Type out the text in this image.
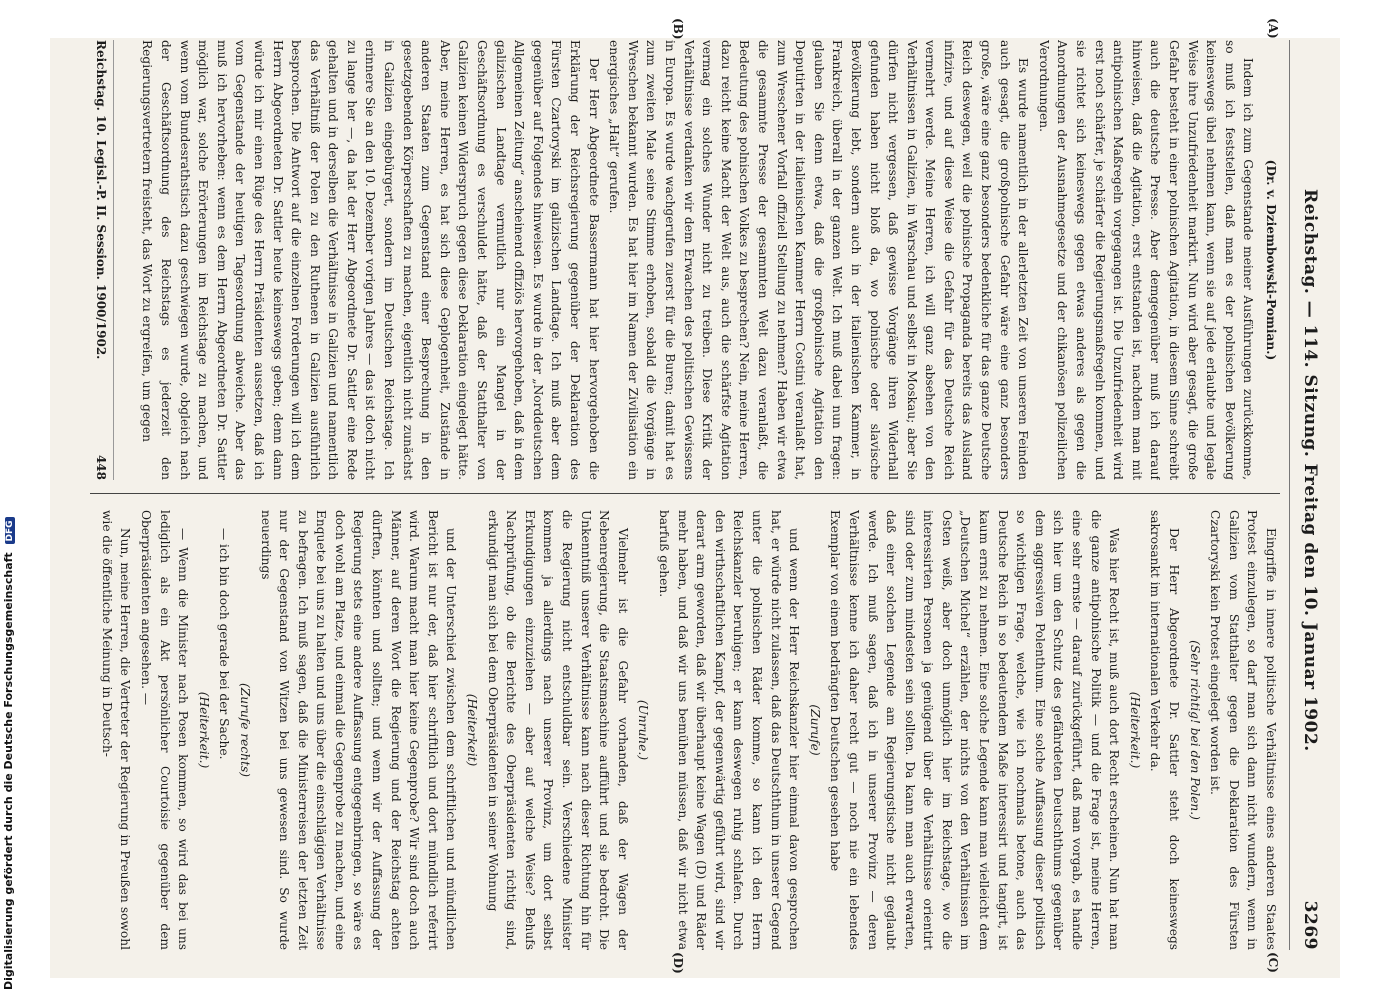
Digitalisierung gefördert durch die Deutsche Forschungsgemeinschaft DFG	Reichstag. — 114. Sitzung. Freitag den 10. Januar 1902.
3269
(Dr. v. Dziembowski-Pomian.)

Indem ich zum Gegenstande meiner Ausführungen zurückkomme, so muß ich feststellen, daß man es der polnischen Bevölkerung keineswegs übel nehmen kann, wenn sie auf jede erlaubte und legale Weise ihre Unzufriedenheit markirt. Nun wird aber gesagt, die große Gefahr besteht in einer polnischen Agitation, in diesem Sinne schreibt auch die deutsche Presse. Aber demgegenüber muß ich darauf hinweisen, daß die Agitation, erst entstanden ist, nachdem man mit antipolnischen Maßregeln vorgegangen ist. Die Unzufriedenheit wird erst noch schärfer, je schärfer die Regierungsmaßregeln kommen, und sie richtet sich keineswegs gegen etwas anderes als gegen die Anordnungen der Ausnahmegesetze und der chikanösen polizeilichen Verordnungen.

Es wurde namentlich in der allerletzten Zeit von unseren Feinden auch gesagt, die großpolnische Gefahr wäre eine ganz besonders große, wäre eine ganz besonders bedenkliche für das ganze Deutsche Reich deswegen, weil die polnische Propaganda bereits das Ausland infizire, und auf diese Weise die Gefahr für das Deutsche Reich vermehrt werde. Meine Herren, ich will ganz absehen von den Verhältnissen in Galizien, in Warschau und selbst in Moskau; aber Sie dürfen nicht vergessen, daß gewisse Vorgänge ihren Widerhall gefunden haben nicht bloß da, wo polnische oder slavische Bevölkerung lebt, sondern auch in der italienischen Kammer, in Frankreich, überall in der ganzen Welt. Ich muß dabei nun fragen: glauben Sie denn etwa, daß die großpolnische Agitation den Deputirten in der italienischen Kammer Herrn Costini veranlaßt hat, zum Wreschener Vorfall offiziell Stellung zu nehmen? Haben wir etwa die gesammte Presse der gesammten Welt dazu veranlaßt, die Bedeutung des polnischen Volkes zu besprechen? Nein, meine Herren, dazu reicht keine Macht der Welt aus, auch die schärfste Agitation vermag ein solches Wunder nicht zu treiben. Diese Kritik der Verhältnisse verdanken wir dem Erwachen des politischen Gewissens in Europa. Es wurde wachgerufen zuerst für die Buren; damit hat es zum zweiten Male seine Stimme erhoben, sobald die Vorgänge in Wreschen bekannt wurden. Es hat hier im Namen der Zivilisation ein energisches „Halt“ gerufen.

Der Herr Abgeordnete Bassermann hat hier hervorgehoben die Erklärung der Reichsregierung gegenüber der Deklaration des Fürsten Czartoryski im galizischen Landtage. Ich muß aber dem gegenüber auf Folgendes hinweisen. Es wurde in der „Norddeutschen Allgemeinen Zeitung“ anscheinend offiziös hervorgehoben, daß in dem galizischen Landtage vermutlich nur ein Mangel in der Geschäftsordnung es verschuldet hätte, daß der Statthalter von Galizien keinen Widerspruch gegen diese Deklaration eingelegt hätte. Aber, meine Herren, es hat sich diese Geplogenheit, Zustände in anderen Staaten zum Gegenstand einer Besprechung in den gesetzgebenden Körperschaften zu machen, eigentlich nicht zunächst in Galizien eingebürgert, sondern im Deutschen Reichstage. Ich erinnere Sie an den 10. Dezember vorigen Jahres — das ist doch nicht zu lange her —, da hat der Herr Abgeordnete Dr. Sattler eine Rede gehalten und in derselben die Verhältnisse in Galizien und namentlich das Verhältniß der Polen zu den Ruthenen in Galizien ausführlich besprochen. Die Antwort auf die einzelnen Forderungen will ich dem Herrn Abgeordneten Dr. Sattler heute keineswegs geben; denn dann würde ich mir einen Rüge des Herrn Präsidenten aussetzen, daß ich vom Gegenstande der heutigen Tagesordnung abweiche. Aber das muß ich hervorheben: wenn es dem Herrn Abgeordneten Dr. Sattler möglich war, solche Erörterungen im Reichstage zu machen, und wenn vom Bundesrathstisch dazu geschwiegen wurde, obgleich nach der Geschäftsordnung des Reichstags es jederzeit den Regierungsvertretern freisteht, das Wort zu ergreifen, um gegen

Reichstag. 10. Legisl.-P. II. Session. 1900/1902.
448
(A)
(B)
(C)
(D)

Eingriffe in innere politische Verhältnisse eines anderen Staates Protest einzulegen, so darf man sich dann nicht wundern, wenn in Galizien vom Statthalter gegen die Deklaration des Fürsten Czartoryski kein Protest eingelegt worden ist.

(Sehr richtig! bei den Polen.)

Der Herr Abgeordnete Dr. Sattler steht doch keineswegs sakrosankt im internationalen Verkehr da.

(Heiterkeit.)

Was hier Recht ist, muß auch dort Recht erscheinen. Nun hat man die ganze antipolnische Politik — und die Frage ist, meine Herren, eine sehr ernste — darauf zurückgeführt, daß man vorgab, es handle sich hier um den Schutz des gefährdeten Deutschthums gegenüber dem aggressiven Polenthum. Eine solche Auffassung dieser politisch so wichtigen Frage, welche, wie ich nochmals betone, auch das Deutsche Reich in so bedeutendem Maße interessirt und tangirt, ist kaum ernst zu nehmen. Eine solche Legende kann man vielleicht dem „Deutschen Michel“ erzählen, der nichts von den Verhältnissen im Osten weiß, aber doch unmöglich hier im Reichstage, wo die interessirten Personen ja genügend über die Verhältnisse orientirt sind oder zum mindesten sein sollten. Da kann man auch erwarten, daß einer solchen Legende am Regierungstische nicht geglaubt werde. Ich muß sagen, daß ich in unserer Provinz — deren Verhältnisse kenne ich daher recht gut — noch nie ein lebendes Exemplar von einem bedrängten Deutschen gesehen habe

(Zurufe)

und wenn der Herr Reichskanzler hier einmal davon gesprochen hat, er würde nicht zulassen, daß das Deutschthum in unserer Gegend unter die polnischen Räder komme, so kann ich den Herrn Reichskanzler beruhigen; er kann deswegen ruhig schlafen. Durch den wirthschaftlichen Kampf, der gegenwärtig geführt wird, sind wir derart arm geworden, daß wir überhaupt keine Wagen (D) und Räder mehr haben, und daß wir uns bemühen müssen, daß wir nicht etwa barfuß gehen.

(Unruhe.)

Vielmehr ist die Gefahr vorhanden, daß der Wagen der Nebenregierung, die Staatsmaschine aufführt und sie bedroht. Die Unkenntniß unserer Verhältnisse kann nach dieser Richtung hin für die Regierung nicht entschuldbar sein. Verschiedene Minister kommen ja allerdings nach unserer Provinz, um dort selbst Erkundigungen einzuziehen — aber auf welche Weise? Behufs Nachprüfung, ob die Berichte des Oberpräsidenten richtig sind, erkundigt man sich bei dem Oberpräsidenten in seiner Wohnung

(Heiterkeit)

und der Unterschied zwischen dem schriftlichen und mündlichen Bericht ist nur der, daß hier schriftlich und dort mündlich referirt wird. Warum macht man hier keine Gegenprobe? Wir sind doch auch Männer, auf deren Wort die Regierung und der Reichstag achten dürften, könnten und sollten; und wenn wir der Auffassung der Regierung stets eine andere Auffassung entgegenbringen, so wäre es doch wohl am Platze, und einmal die Gegenprobe zu machen, und eine Enquete bei uns zu halten und uns über die einschlägigen Verhältnisse zu befragen. Ich muß sagen, daß die Ministerreisen der letzten Zeit nur der Gegenstand von Witzen bei uns gewesen sind. So wurde neuerdings

(Zurufe rechts)

— ich bin doch gerade bei der Sache.

(Heiterkeit.)

— Wenn die Minister nach Posen kommen, so wird das bei uns lediglich als ein Akt persönlicher Courtoisie gegenüber dem Oberpräsidenten angesehen. —

Nun, meine Herren, die Vertreter der Regierung in Preußen sowohl wie die öffentliche Meinung in Deutsch-
